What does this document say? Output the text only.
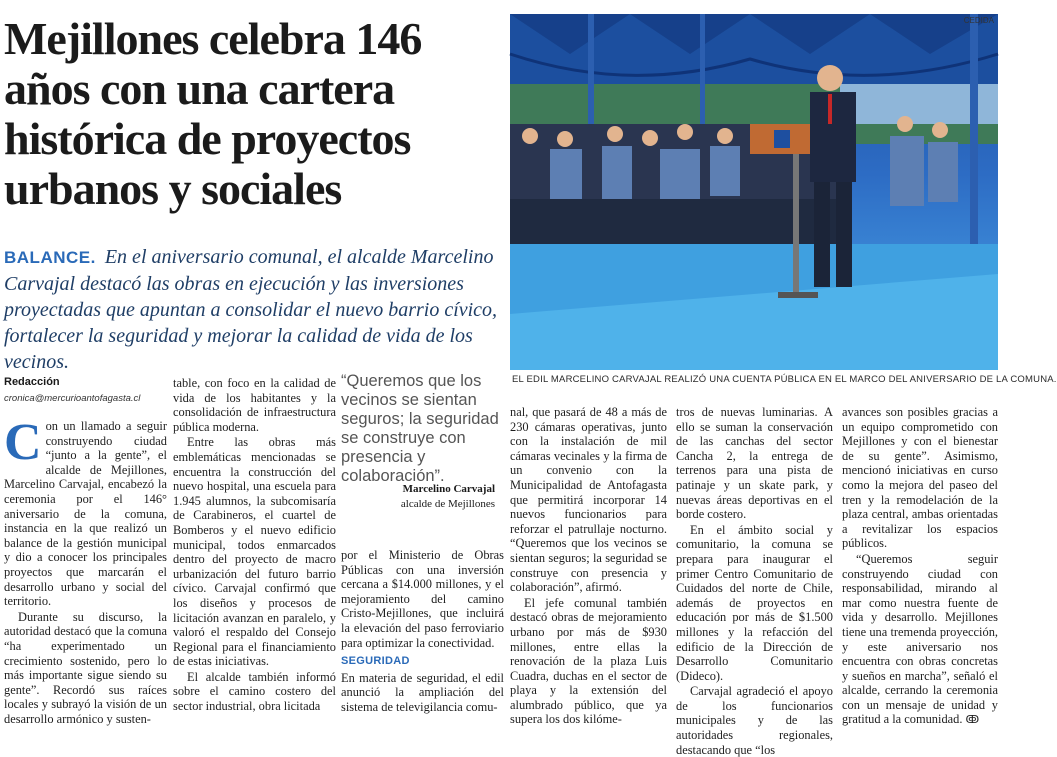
Mejillones celebra 146 años con una cartera histórica de proyectos urbanos y sociales

BALANCE. En el aniversario comunal, el alcalde Marcelino Carvajal destacó las obras en ejecución y las inversiones proyectadas que apuntan a consolidar el nuevo barrio cívico, fortalecer la seguridad y mejorar la calidad de vida de los vecinos.

CEDIDA

EL EDIL MARCELINO CARVAJAL REALIZÓ UNA CUENTA PÚBLICA EN EL MARCO DEL ANIVERSARIO DE LA COMUNA.

Redacción
cronica@mercurioantofagasta.cl

Con un llamado a seguir construyendo ciudad “junto a la gente”, el alcalde de Mejillones, Marcelino Carvajal, encabezó la ceremonia por el 146° aniversario de la comuna, instancia en la que realizó un balance de la gestión municipal y dio a conocer los principales proyectos que marcarán el desarrollo urbano y social del territorio.

Durante su discurso, la autoridad destacó que la comuna “ha experimentado un crecimiento sostenido, pero lo más importante sigue siendo su gente”. Recordó sus raíces locales y subrayó la visión de un desarrollo armónico y susten-

table, con foco en la calidad de vida de los habitantes y la consolidación de infraestructura pública moderna.

Entre las obras más emblemáticas mencionadas se encuentra la construcción del nuevo hospital, una escuela para 1.945 alumnos, la subcomisaría de Carabineros, el cuartel de Bomberos y el nuevo edificio municipal, todos enmarcados dentro del proyecto de macro urbanización del futuro barrio cívico. Carvajal confirmó que los diseños y procesos de licitación avanzan en paralelo, y valoró el respaldo del Consejo Regional para el financiamiento de estas iniciativas.

El alcalde también informó sobre el camino costero del sector industrial, obra licitada

“Queremos que los vecinos se sientan seguros; la seguridad se construye con presencia y colaboración”.

Marcelino Carvajal
alcalde de Mejillones

por el Ministerio de Obras Públicas con una inversión cercana a $14.000 millones, y el mejoramiento del camino Cristo-Mejillones, que incluirá la elevación del paso ferroviario para optimizar la conectividad.

SEGURIDAD

En materia de seguridad, el edil anunció la ampliación del sistema de televigilancia comu-

nal, que pasará de 48 a más de 230 cámaras operativas, junto con la instalación de mil cámaras vecinales y la firma de un convenio con la Municipalidad de Antofagasta que permitirá incorporar 14 nuevos funcionarios para reforzar el patrullaje nocturno. “Queremos que los vecinos se sientan seguros; la seguridad se construye con presencia y colaboración”, afirmó.

El jefe comunal también destacó obras de mejoramiento urbano por más de $930 millones, entre ellas la renovación de la plaza Luis Cuadra, duchas en el sector de playa y la extensión del alumbrado público, que ya supera los dos kilóme-

tros de nuevas luminarias. A ello se suman la conservación de las canchas del sector Cancha 2, la entrega de terrenos para una pista de patinaje y un skate park, y nuevas áreas deportivas en el borde costero.

En el ámbito social y comunitario, la comuna se prepara para inaugurar el primer Centro Comunitario de Cuidados del norte de Chile, además de proyectos en educación por más de $1.500 millones y la refacción del edificio de la Dirección de Desarrollo Comunitario (Dideco).

Carvajal agradeció el apoyo de los funcionarios municipales y de las autoridades regionales, destacando que “los

avances son posibles gracias a un equipo comprometido con Mejillones y con el bienestar de su gente”. Asimismo, mencionó iniciativas en curso como la mejora del paseo del tren y la remodelación de la plaza central, ambas orientadas a revitalizar los espacios públicos.

“Queremos seguir construyendo ciudad con responsabilidad, mirando al mar como nuestra fuente de vida y desarrollo. Mejillones tiene una tremenda proyección, y este aniversario nos encuentra con obras concretas y sueños en marcha”, señaló el alcalde, cerrando la ceremonia con un mensaje de unidad y gratitud a la comunidad. ↂ
